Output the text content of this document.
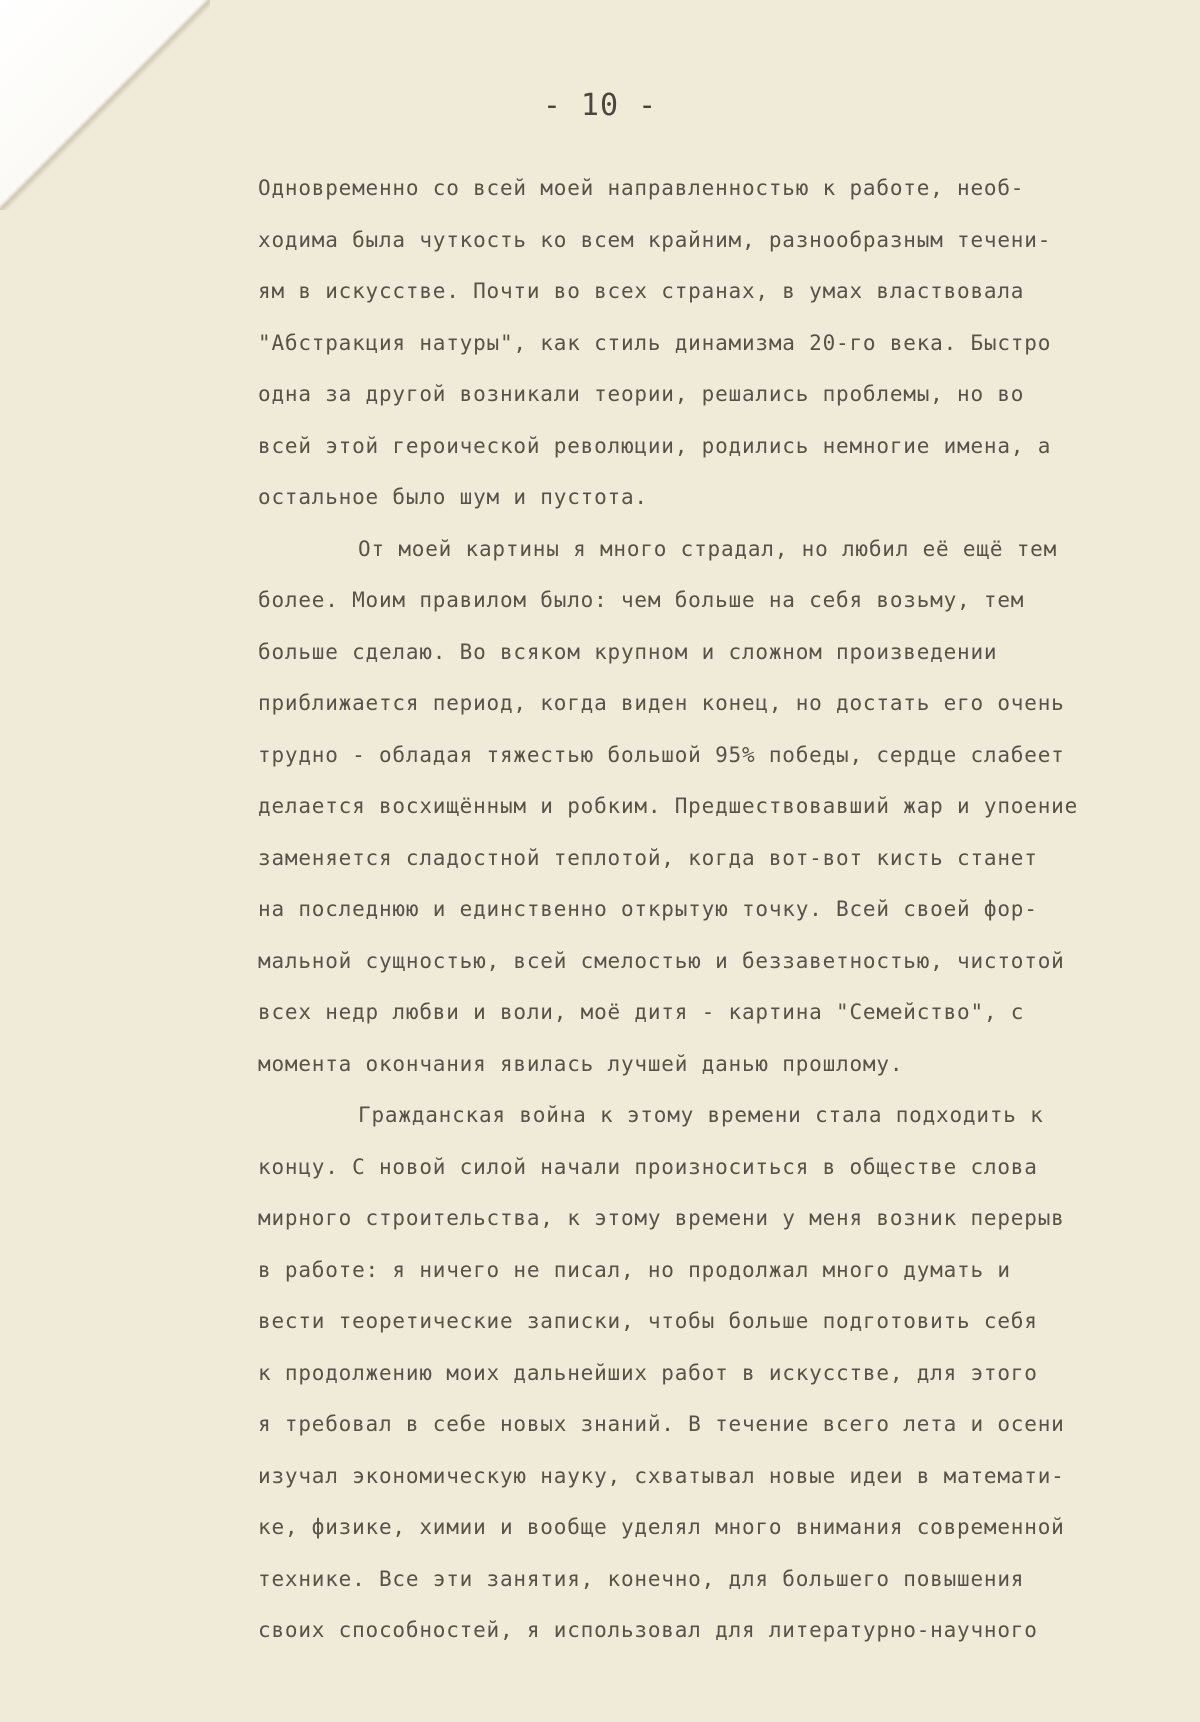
- 10 -
Одновременно со всей моей направленностью к работе, необ-
ходима была чуткость ко всем крайним, разнообразным течени-
ям в искусстве. Почти во всех странах, в умах властвовала
"Абстракция натуры", как стиль динамизма 20-го века. Быстро
одна за другой возникали теории, решались проблемы, но во
всей этой героической революции, родились немногие имена, а
остальное было шум и пустота.
От моей картины я много страдал, но любил её ещё тем
более. Моим правилом было: чем больше на себя возьму, тем
больше сделаю. Во всяком крупном и сложном произведении
приближается период, когда виден конец, но достать его очень
трудно - обладая тяжестью большой 95% победы, сердце слабеет
делается восхищённым и робким. Предшествовавший жар и упоение
заменяется сладостной теплотой, когда вот-вот кисть станет
на последнюю и единственно открытую точку. Всей своей фор-
мальной сущностью, всей смелостью и беззаветностью, чистотой
всех недр любви и воли, моё дитя - картина "Семейство", с
момента окончания явилась лучшей данью прошлому.
Гражданская война к этому времени стала подходить к
концу. С новой силой начали произноситься в обществе слова
мирного строительства, к этому времени у меня возник перерыв
в работе: я ничего не писал, но продолжал много думать и
вести теоретические записки, чтобы больше подготовить себя
к продолжению моих дальнейших работ в искусстве, для этого
я требовал в себе новых знаний. В течение всего лета и осени
изучал экономическую науку, схватывал новые идеи в математи-
ке, физике, химии и вообще уделял много внимания современной
технике. Все эти занятия, конечно, для большего повышения
своих способностей, я использовал для литературно-научного
